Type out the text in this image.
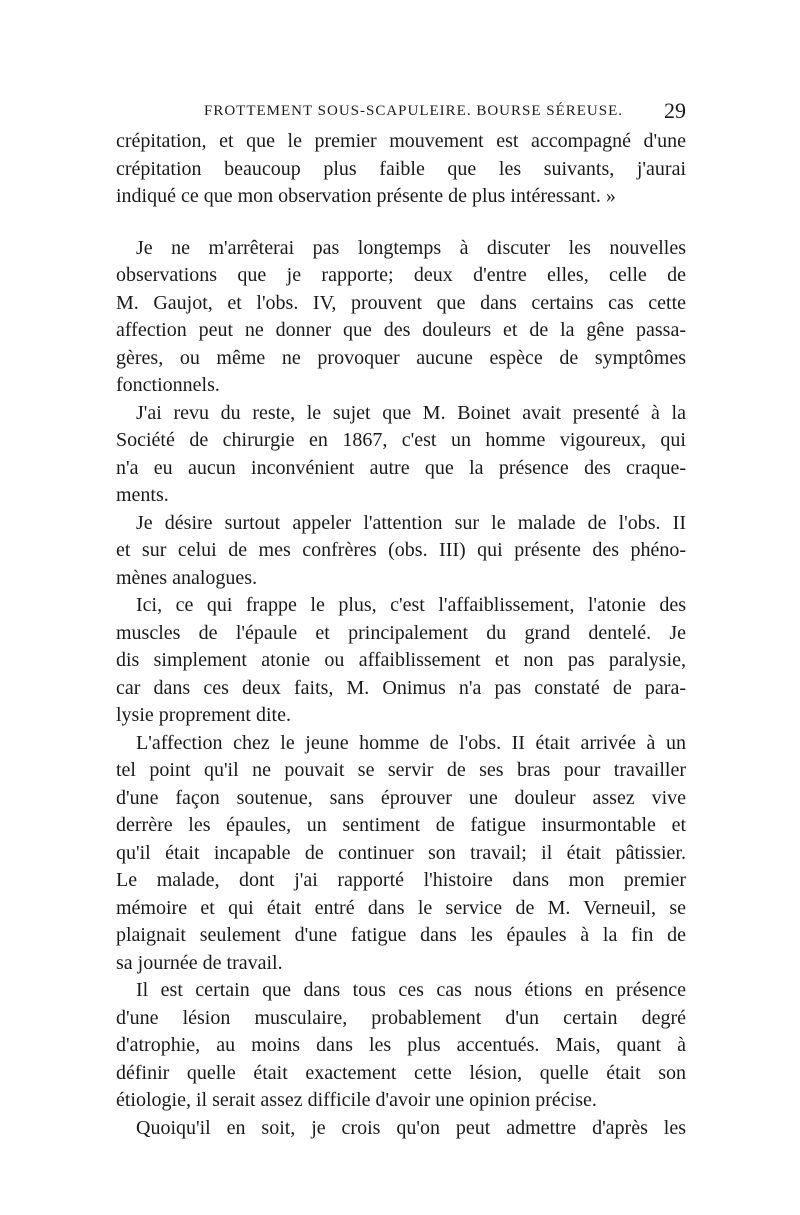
FROTTEMENT SOUS-SCAPULEIRE. BOURSE SÉREUSE. 29
crépitation, et que le premier mouvement est accompagné d'une
crépitation beaucoup plus faible que les suivants, j'aurai
indiqué ce que mon observation présente de plus intéressant. »
Je ne m'arrêterai pas longtemps à discuter les nouvelles
observations que je rapporte; deux d'entre elles, celle de
M. Gaujot, et l'obs. IV, prouvent que dans certains cas cette
affection peut ne donner que des douleurs et de la gêne passa-
gères, ou même ne provoquer aucune espèce de symptômes
fonctionnels.
J'ai revu du reste, le sujet que M. Boinet avait presenté à la
Société de chirurgie en 1867, c'est un homme vigoureux, qui
n'a eu aucun inconvénient autre que la présence des craque-
ments.
Je désire surtout appeler l'attention sur le malade de l'obs. II
et sur celui de mes confrères (obs. III) qui présente des phéno-
mènes analogues.
Ici, ce qui frappe le plus, c'est l'affaiblissement, l'atonie des
muscles de l'épaule et principalement du grand dentelé. Je
dis simplement atonie ou affaiblissement et non pas paralysie,
car dans ces deux faits, M. Onimus n'a pas constaté de para-
lysie proprement dite.
L'affection chez le jeune homme de l'obs. II était arrivée à un
tel point qu'il ne pouvait se servir de ses bras pour travailler
d'une façon soutenue, sans éprouver une douleur assez vive
derrère les épaules, un sentiment de fatigue insurmontable et
qu'il était incapable de continuer son travail; il était pâtissier.
Le malade, dont j'ai rapporté l'histoire dans mon premier
mémoire et qui était entré dans le service de M. Verneuil, se
plaignait seulement d'une fatigue dans les épaules à la fin de
sa journée de travail.
Il est certain que dans tous ces cas nous étions en présence
d'une lésion musculaire, probablement d'un certain degré
d'atrophie, au moins dans les plus accentués. Mais, quant à
définir quelle était exactement cette lésion, quelle était son
étiologie, il serait assez difficile d'avoir une opinion précise.
Quoiqu'il en soit, je crois qu'on peut admettre d'après les
